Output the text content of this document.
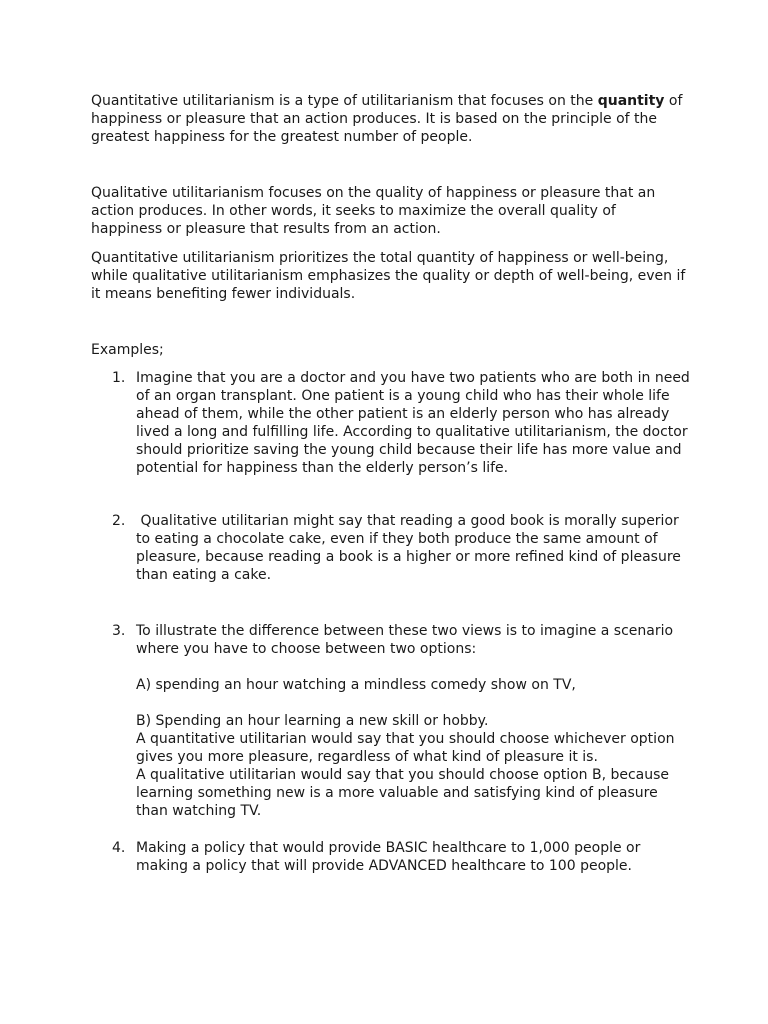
Quantitative utilitarianism is a type of utilitarianism that focuses on the quantity of happiness or pleasure that an action produces. It is based on the principle of the greatest happiness for the greatest number of people.

Qualitative utilitarianism focuses on the quality of happiness or pleasure that an action produces. In other words, it seeks to maximize the overall quality of happiness or pleasure that results from an action.

Quantitative utilitarianism prioritizes the total quantity of happiness or well-being, while qualitative utilitarianism emphasizes the quality or depth of well-being, even if it means benefiting fewer individuals.

Examples;

1. Imagine that you are a doctor and you have two patients who are both in need of an organ transplant. One patient is a young child who has their whole life ahead of them, while the other patient is an elderly person who has already lived a long and fulfilling life. According to qualitative utilitarianism, the doctor should prioritize saving the young child because their life has more value and potential for happiness than the elderly person’s life.
2. Qualitative utilitarian might say that reading a good book is morally superior to eating a chocolate cake, even if they both produce the same amount of pleasure, because reading a book is a higher or more refined kind of pleasure than eating a cake.
3. To illustrate the difference between these two views is to imagine a scenario where you have to choose between two options:
A) spending an hour watching a mindless comedy show on TV,
B) Spending an hour learning a new skill or hobby.
A quantitative utilitarian would say that you should choose whichever option gives you more pleasure, regardless of what kind of pleasure it is.
A qualitative utilitarian would say that you should choose option B, because learning something new is a more valuable and satisfying kind of pleasure than watching TV.
4. Making a policy that would provide BASIC healthcare to 1,000 people or making a policy that will provide ADVANCED healthcare to 100 people.
